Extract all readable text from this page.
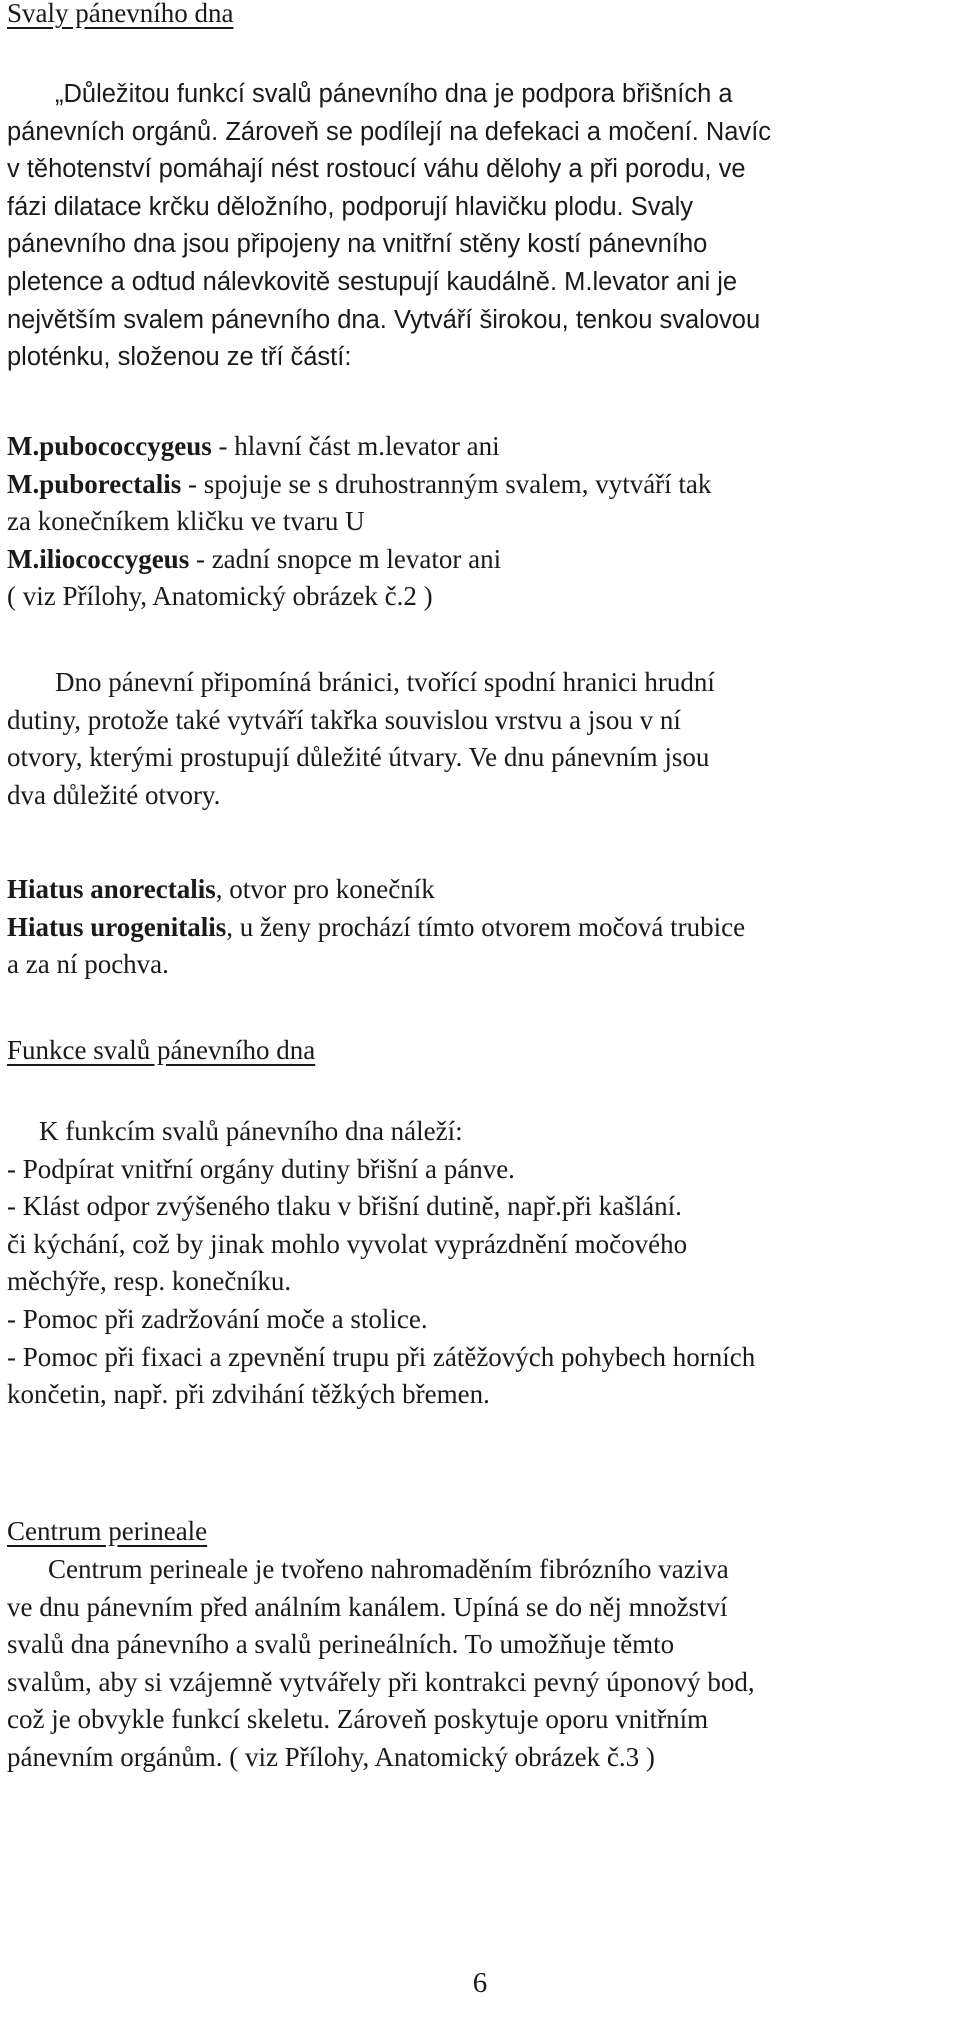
Svaly pánevního dna

„Důležitou funkcí svalů pánevního dna je podpora břišních a

pánevních orgánů. Zároveň se podílejí na defekaci a močení. Navíc

v těhotenství pomáhají nést rostoucí váhu dělohy a při porodu, ve

fázi dilatace krčku děložního, podporují hlavičku plodu. Svaly

pánevního dna jsou připojeny na vnitřní stěny kostí pánevního

pletence a odtud nálevkovitě sestupují kaudálně. M.levator ani je

největším svalem pánevního dna. Vytváří širokou, tenkou svalovou

ploténku, složenou ze tří částí:

M.pubococcygeus - hlavní část m.levator ani

M.puborectalis - spojuje se s druhostranným svalem, vytváří tak

za konečníkem kličku ve tvaru U

M.iliococcygeus - zadní snopce m levator ani

( viz Přílohy, Anatomický obrázek č.2 )

Dno pánevní připomíná bránici, tvořící spodní hranici hrudní

dutiny, protože také vytváří takřka souvislou vrstvu a jsou v ní

otvory, kterými prostupují důležité útvary. Ve dnu pánevním jsou

dva důležité otvory.

Hiatus anorectalis, otvor pro konečník

Hiatus urogenitalis, u ženy prochází tímto otvorem močová trubice

a za ní pochva.

Funkce svalů pánevního dna

K funkcím svalů pánevního dna náleží:

- Podpírat vnitřní orgány dutiny břišní a pánve.

- Klást odpor zvýšeného tlaku v břišní dutině, např.při kašlání.

či kýchání, což by jinak mohlo vyvolat vyprázdnění močového

měchýře, resp. konečníku.

- Pomoc při zadržování moče a stolice.

- Pomoc při fixaci a zpevnění trupu při zátěžových pohybech horních

končetin, např. při zdvihání těžkých břemen.

Centrum perineale

Centrum perineale je tvořeno nahromaděním fibrózního vaziva

ve dnu pánevním před análním kanálem. Upíná se do něj množství

svalů dna pánevního a svalů perineálních. To umožňuje těmto

svalům, aby si vzájemně vytvářely při kontrakci pevný úponový bod,

což je obvykle funkcí skeletu. Zároveň poskytuje oporu vnitřním

pánevním orgánům. ( viz Přílohy, Anatomický obrázek č.3 )

6
